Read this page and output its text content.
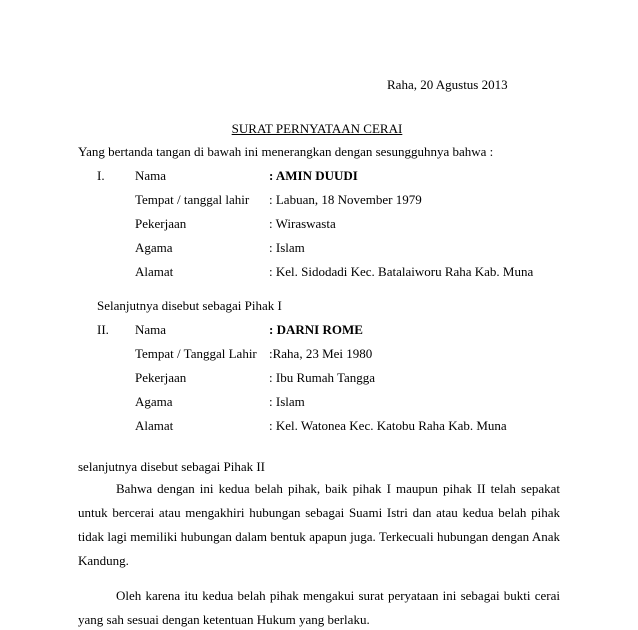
Raha, 20 Agustus 2013
SURAT PERNYATAAN CERAI
Yang bertanda tangan di bawah ini menerangkan dengan sesungguhnya bahwa :
I. Nama	: AMIN DUUDI
Tempat / tanggal lahir : Labuan, 18 November 1979
Pekerjaan	: Wiraswasta
Agama	: Islam
Alamat	: Kel. Sidodadi Kec. Batalaiworu Raha Kab. Muna
Selanjutnya disebut sebagai Pihak I
II. Nama	: DARNI ROME
Tempat / Tanggal Lahir :Raha, 23 Mei 1980
Pekerjaan	: Ibu Rumah Tangga
Agama	: Islam
Alamat	: Kel. Watonea Kec. Katobu Raha Kab. Muna
selanjutnya disebut sebagai Pihak II
Bahwa dengan ini kedua belah pihak, baik pihak I maupun pihak II telah sepakat
untuk bercerai atau mengakhiri hubungan sebagai Suami Istri dan atau kedua belah pihak
tidak lagi memiliki hubungan dalam bentuk apapun juga. Terkecuali hubungan dengan Anak
Kandung.
Oleh karena itu kedua belah pihak mengakui surat peryataan ini sebagai bukti cerai
yang sah sesuai dengan ketentuan Hukum yang berlaku.
